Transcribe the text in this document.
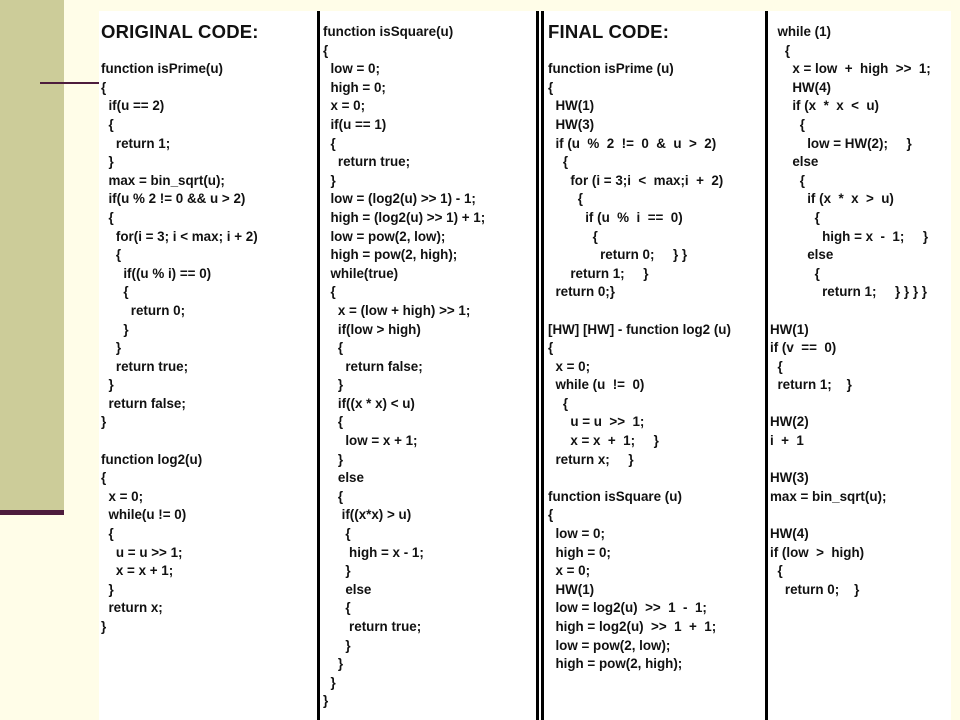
ORIGINAL CODE:
function isPrime(u)
{
if(u == 2)
{
return 1;
}
max = bin_sqrt(u);
if(u % 2 != 0 && u > 2)
{
for(i = 3; i < max; i + 2)
{
if((u % i) == 0)
{
return 0;
}
}
return true;
}
return false;
}
function log2(u)
{
x = 0;
while(u != 0)
{
u = u >> 1;
x = x + 1;
}
return x;
}
function isSquare(u)
{
low = 0;
high = 0;
x = 0;
if(u == 1)
{
return true;
}
low = (log2(u) >> 1) - 1;
high = (log2(u) >> 1) + 1;
low = pow(2, low);
high = pow(2, high);
while(true)
{
x = (low + high) >> 1;
if(low > high)
{
return false;
}
if((x * x) < u)
{
low = x + 1;
}
else
{
if((x*x) > u)
{
high = x - 1;
}
else
{
return true;
}
}
}
}
FINAL CODE:
function isPrime (u)
{
HW(1)
HW(3)
if (u  %  2  !=  0  &  u  >  2)
{
for (i = 3;i  <  max;i  +  2)
{
if (u  %  i  ==  0)
{
return 0;     } }
return 1;     }
return 0;}
[HW] [HW] - function log2 (u)
{
x = 0;
while (u  !=  0)
{
u = u  >>  1;
x = x  +  1;     }
return x;     }
function isSquare (u)
{
low = 0;
high = 0;
x = 0;
HW(1)
low = log2(u)  >>  1  -  1;
high = log2(u)  >>  1  +  1;
low = pow(2, low);
high = pow(2, high);
while (1)
{
x = low  +  high  >>  1;
HW(4)
if (x  *  x  <  u)
{
low = HW(2);     }
else
{
if (x  *  x  >  u)
{
high = x  -  1;     }
else
{
return 1;     } } } }
HW(1)
if (v  ==  0)
{
return 1;    }
HW(2)
i  +  1
HW(3)
max = bin_sqrt(u);
HW(4)
if (low  >  high)
{
return 0;    }
